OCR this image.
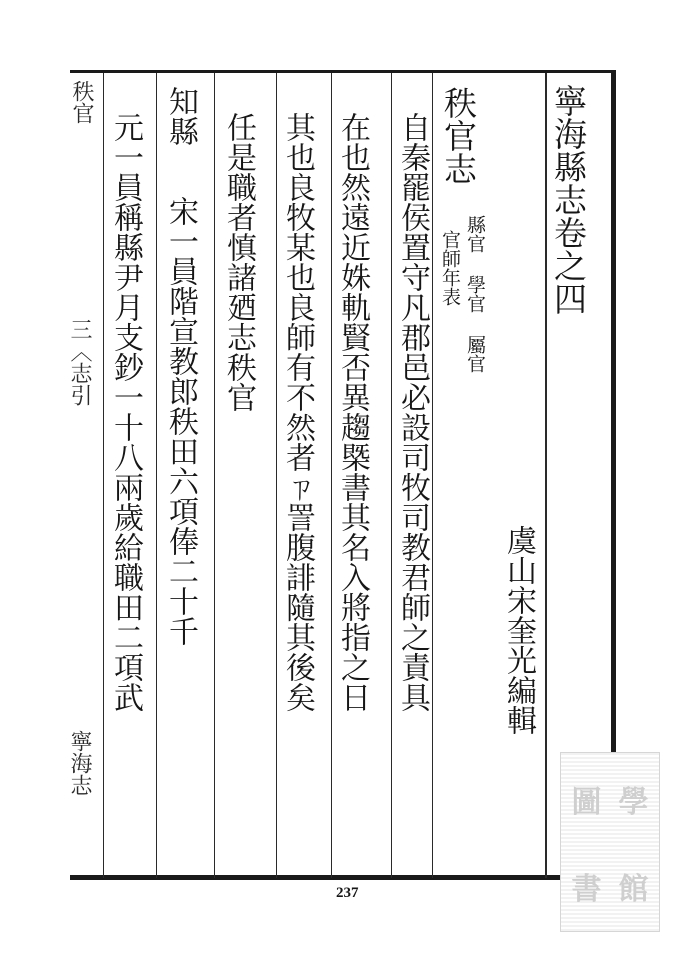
寧海縣志卷之四
虞山宋奎光編輯
秩官志
縣官 學官 屬官
官師年表
自秦罷侯置守凡郡邑必設司牧司教君師之責具
在也然遠近姝軌賢否異趨槩書其名入將指之日
其也良牧某也良師有不然者ㄗ詈腹誹隨其後矣
任是職者慎諸廼志秩官
知縣
宋一員階宣教郎秩田六項俸二十千
元一員稱縣尹月支鈔一十八兩歲給職田二項武
秩官
三〈志引
寧海志
237
圖 學
書 館
